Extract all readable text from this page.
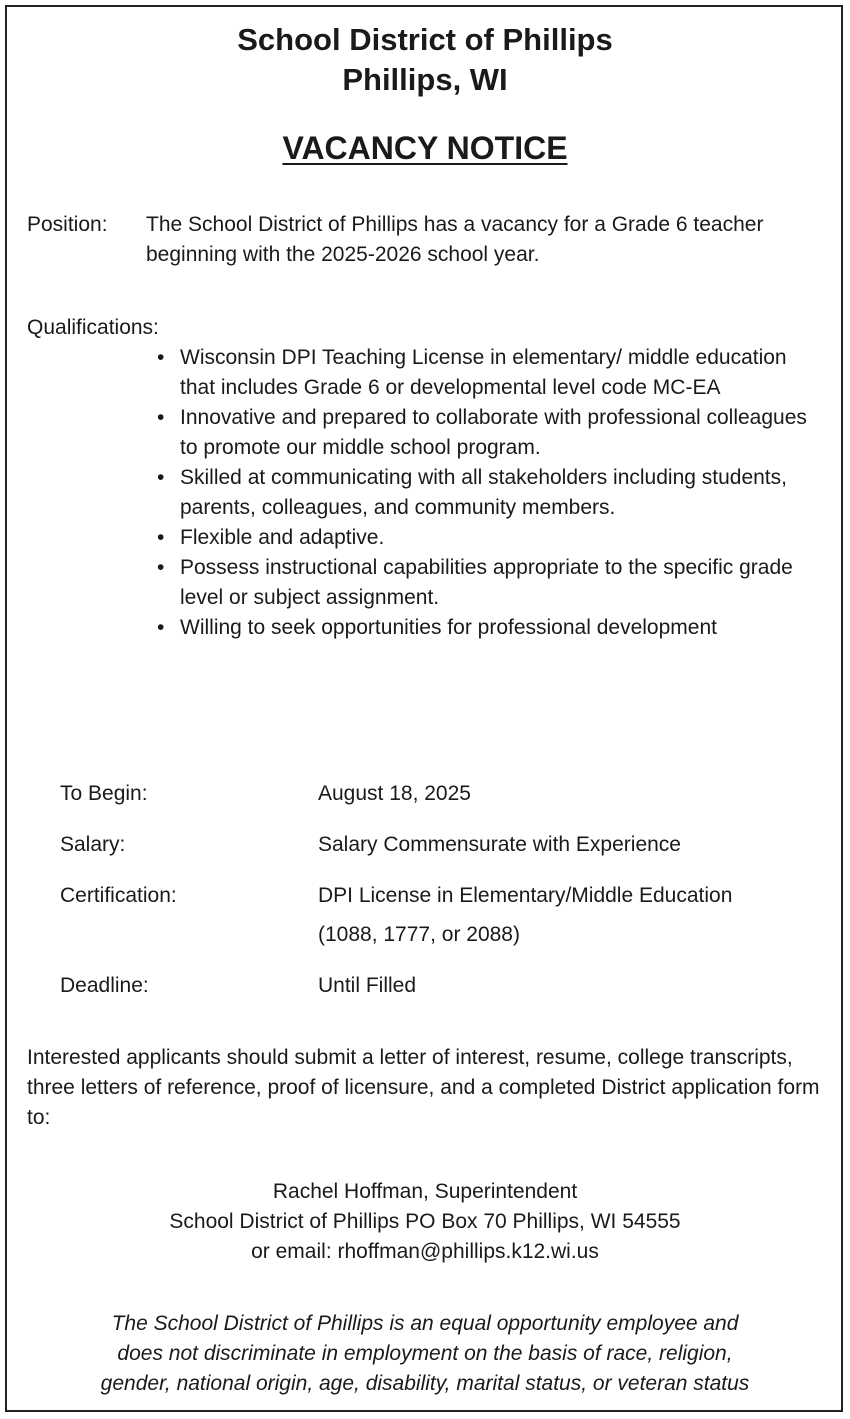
School District of Phillips
Phillips, WI
VACANCY NOTICE
Position: The School District of Phillips has a vacancy for a Grade 6 teacher beginning with the 2025-2026 school year.
Qualifications:
• Wisconsin DPI Teaching License in elementary/ middle education that includes Grade 6 or developmental level code MC-EA
• Innovative and prepared to collaborate with professional colleagues to promote our middle school program.
• Skilled at communicating with all stakeholders including students, parents, colleagues, and community members.
• Flexible and adaptive.
• Possess instructional capabilities appropriate to the specific grade level or subject assignment.
• Willing to seek opportunities for professional development
To Begin:	August 18, 2025
Salary:	Salary Commensurate with Experience
Certification:	DPI License in Elementary/Middle Education
(1088, 1777, or 2088)
Deadline:	Until Filled
Interested applicants should submit a letter of interest, resume, college transcripts, three letters of reference, proof of licensure, and a completed District application form to:
Rachel Hoffman, Superintendent
School District of Phillips PO Box 70 Phillips, WI 54555
or email: rhoffman@phillips.k12.wi.us
The School District of Phillips is an equal opportunity employee and
does not discriminate in employment on the basis of race, religion,
gender, national origin, age, disability, marital status, or veteran status
